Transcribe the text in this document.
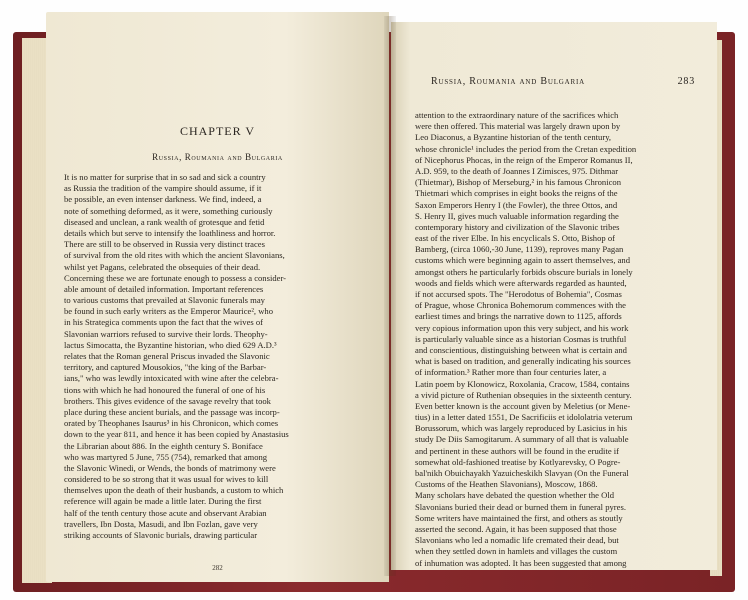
CHAPTER V
Russia, Roumania and Bulgaria
It is no matter for surprise that in so sad and sick a country
as Russia the tradition of the vampire should assume, if it
be possible, an even intenser darkness. We find, indeed, a
note of something deformed, as it were, something curiously
diseased and unclean, a rank wealth of grotesque and fetid
details which but serve to intensify the loathliness and horror.
There are still to be observed in Russia very distinct traces
of survival from the old rites with which the ancient Slavonians,
whilst yet Pagans, celebrated the obsequies of their dead.
Concerning these we are fortunate enough to possess a consider-
able amount of detailed information. Important references
to various customs that prevailed at Slavonic funerals may
be found in such early writers as the Emperor Maurice², who
in his Strategica comments upon the fact that the wives of
Slavonian warriors refused to survive their lords. Theophy-
lactus Simocatta, the Byzantine historian, who died 629 A.D.³
relates that the Roman general Priscus invaded the Slavonic
territory, and captured Mousokios, "the king of the Barbar-
ians," who was lewdly intoxicated with wine after the celebra-
tions with which he had honoured the funeral of one of his
brothers. This gives evidence of the savage revelry that took
place during these ancient burials, and the passage was incorp-
orated by Theophanes Isaurus³ in his Chronicon, which comes
down to the year 811, and hence it has been copied by Anastasius
the Librarian about 886. In the eighth century S. Boniface
who was martyred 5 June, 755 (754), remarked that among
the Slavonic Winedi, or Wends, the bonds of matrimony were
considered to be so strong that it was usual for wives to kill
themselves upon the death of their husbands, a custom to which
reference will again be made a little later. During the first
half of the tenth century those acute and observant Arabian
travellers, Ibn Dosta, Masudi, and Ibn Fozlan, gave very
striking accounts of Slavonic burials, drawing particular
282
Russia, Roumania and Bulgaria	283
attention to the extraordinary nature of the sacrifices which
were then offered. This material was largely drawn upon by
Leo Diaconus, a Byzantine historian of the tenth century,
whose chronicle¹ includes the period from the Cretan expedition
of Nicephorus Phocas, in the reign of the Emperor Romanus II,
A.D. 959, to the death of Joannes I Zimisces, 975. Dithmar
(Thietmar), Bishop of Merseburg,² in his famous Chronicon
Thietmari which comprises in eight books the reigns of the
Saxon Emperors Henry I (the Fowler), the three Ottos, and
S. Henry II, gives much valuable information regarding the
contemporary history and civilization of the Slavonic tribes
east of the river Elbe. In his encyclicals S. Otto, Bishop of
Bamberg, (circa 1060,-30 June, 1139), reproves many Pagan
customs which were beginning again to assert themselves, and
amongst others he particularly forbids obscure burials in lonely
woods and fields which were afterwards regarded as haunted,
if not accursed spots. The "Herodotus of Bohemia", Cosmas
of Prague, whose Chronica Bohemorum commences with the
earliest times and brings the narrative down to 1125, affords
very copious information upon this very subject, and his work
is particularly valuable since as a historian Cosmas is truthful
and conscientious, distinguishing between what is certain and
what is based on tradition, and generally indicating his sources
of information.³ Rather more than four centuries later, a
Latin poem by Klonowicz, Roxolania, Cracow, 1584, contains
a vivid picture of Ruthenian obsequies in the sixteenth century.
Even better known is the account given by Meletius (or Mene-
tius) in a letter dated 1551, De Sacrificiis et idololatria veterum
Borussorum, which was largely reproduced by Lasicius in his
study De Diis Samogitarum. A summary of all that is valuable
and pertinent in these authors will be found in the erudite if
somewhat old-fashioned treatise by Kotlyarevsky, O Pogre-
bal'nikh Obuichayakh Yazuicheskikh Slavyan (On the Funeral
Customs of the Heathen Slavonians), Moscow, 1868.
Many scholars have debated the question whether the Old
Slavonians buried their dead or burned them in funeral pyres.
Some writers have maintained the first, and others as stoutly
asserted the second. Again, it has been supposed that those
Slavonians who led a nomadic life cremated their dead, but
when they settled down in hamlets and villages the custom
of inhumation was adopted. It has been suggested that among
